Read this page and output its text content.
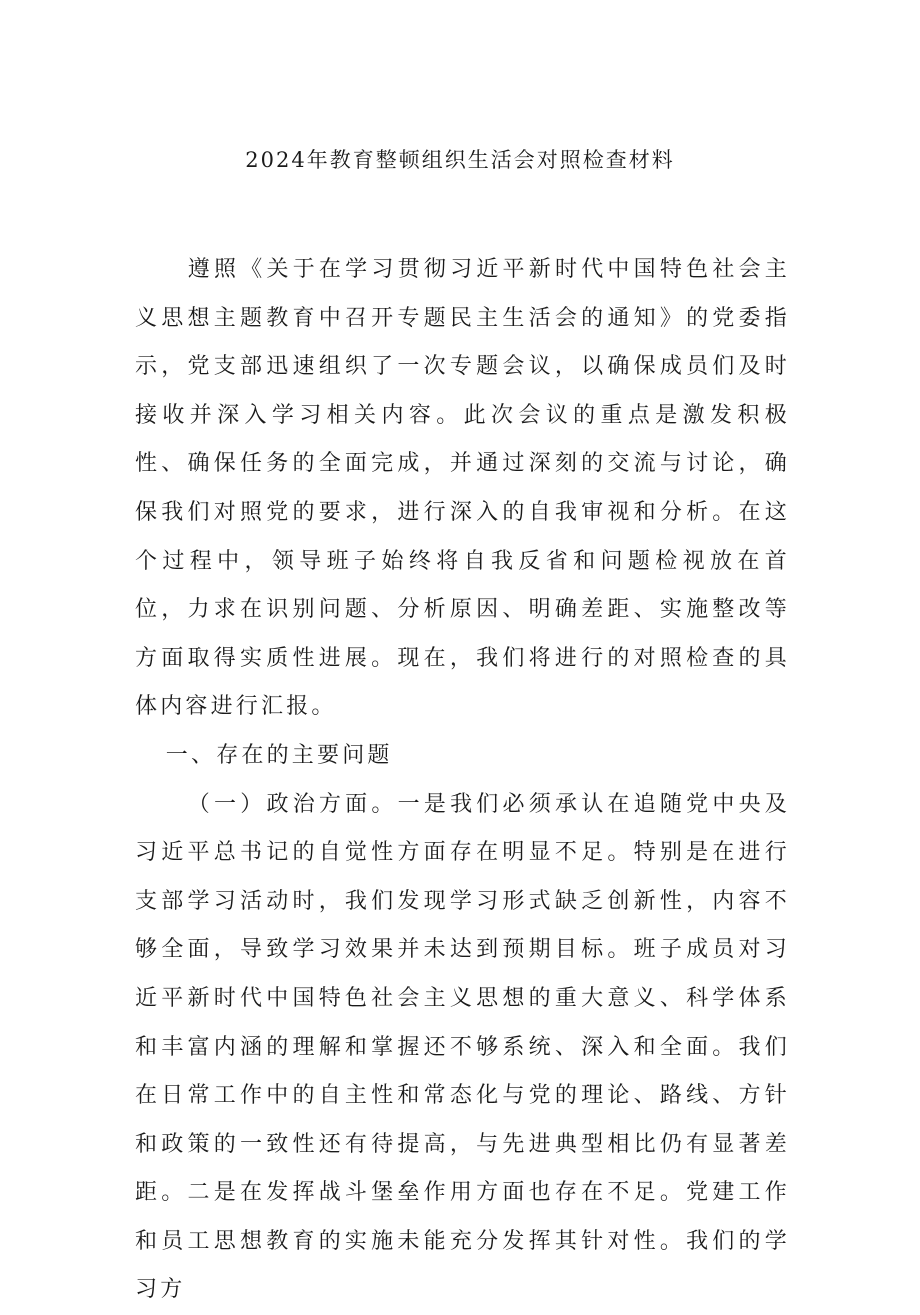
2024年教育整顿组织生活会对照检查材料

遵照《关于在学习贯彻习近平新时代中国特色社会主义思想主题教育中召开专题民主生活会的通知》的党委指示，党支部迅速组织了一次专题会议，以确保成员们及时接收并深入学习相关内容。此次会议的重点是激发积极性、确保任务的全面完成，并通过深刻的交流与讨论，确保我们对照党的要求，进行深入的自我审视和分析。在这个过程中，领导班子始终将自我反省和问题检视放在首位，力求在识别问题、分析原因、明确差距、实施整改等方面取得实质性进展。现在，我们将进行的对照检查的具体内容进行汇报。

一、存在的主要问题

（一）政治方面。一是我们必须承认在追随党中央及习近平总书记的自觉性方面存在明显不足。特别是在进行支部学习活动时，我们发现学习形式缺乏创新性，内容不够全面，导致学习效果并未达到预期目标。班子成员对习近平新时代中国特色社会主义思想的重大意义、科学体系和丰富内涵的理解和掌握还不够系统、深入和全面。我们在日常工作中的自主性和常态化与党的理论、路线、方针和政策的一致性还有待提高，与先进典型相比仍有显著差距。二是在发挥战斗堡垒作用方面也存在不足。党建工作和员工思想教育的实施未能充分发挥其针对性。我们的学习方
